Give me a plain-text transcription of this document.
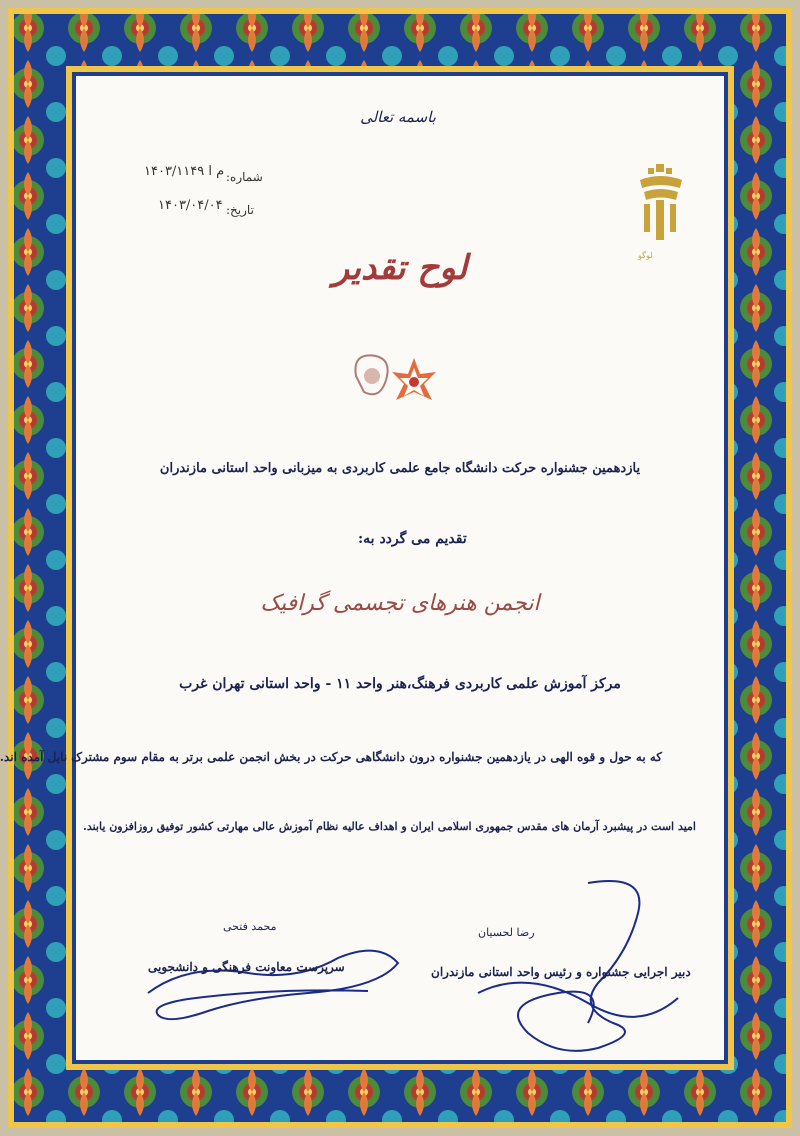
باسمه تعالی
شماره:
۱۴۰۳/۱۱۴۹ م ا
تاریخ:
۱۴۰۳/۰۴/۰۴
لوگو
لوح تقدیر
یازدهمین جشنواره حرکت دانشگاه جامع علمی کاربردی به میزبانی واحد استانی مازندران
تقدیم می گردد به:
انجمن هنرهای تجسمی گرافیک
مرکز آموزش علمی کاربردی فرهنگ،هنر واحد ۱۱ - واحد استانی تهران غرب
که به حول و قوه الهی در یازدهمین جشنواره درون دانشگاهی حرکت در بخش انجمن علمی برتر به مقام سوم مشترک نایل آمده اند.
امید است در پیشبرد آرمان های مقدس جمهوری اسلامی ایران و اهداف عالیه نظام آموزش عالی مهارتی کشور توفیق روزافزون یابند.
رضا لحسیان
دبیر اجرایی جشنواره و رئیس واحد استانی مازندران
محمد فتحی
سرپرست معاونت فرهنگی و دانشجویی
